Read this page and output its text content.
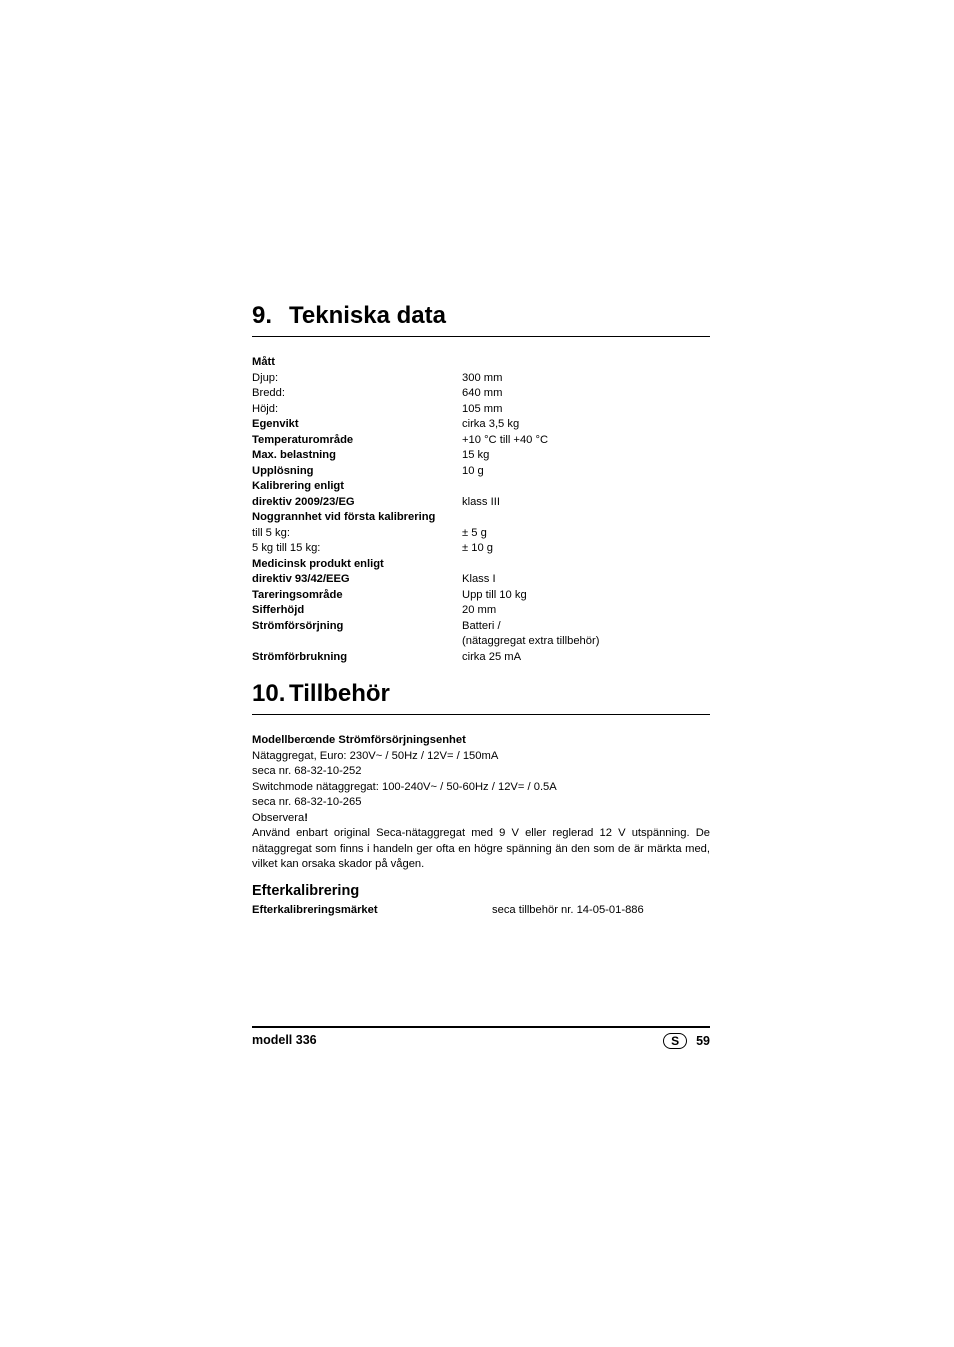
9. Tekniska data
Mått
Djup:	300 mm
Bredd:	640 mm
Höjd:	105 mm
Egenvikt	cirka 3,5 kg
Temperaturområde	+10 °C till +40 °C
Max. belastning	15 kg
Upplösning	10 g
Kalibrering enligt
direktiv 2009/23/EG	klass III
Noggrannhet vid första kalibrering
till 5 kg:	± 5 g
5 kg till 15 kg:	± 10 g
Medicinsk produkt enligt
direktiv 93/42/EEG	Klass I
Tareringsområde	Upp till 10 kg
Sifferhöjd	20 mm
Strömförsörjning	Batteri /
(nätaggregat extra tillbehör)
Strömförbrukning	cirka 25 mA
10. Tillbehör
Modellberœnde Strömförsörjningsenhet
Nätaggregat, Euro: 230V~ / 50Hz / 12V= / 150mA
seca nr. 68-32-10-252
Switchmode nätaggregat: 100-240V~ / 50-60Hz / 12V= / 0.5A
seca nr. 68-32-10-265
Observera!
Använd enbart original Seca-nätaggregat med 9 V eller reglerad 12 V utspänning. De nätaggregat som finns i handeln ger ofta en högre spänning än den som de är märkta med, vilket kan orsaka skador på vågen.
Efterkalibrering
Efterkalibreringsmärket	seca tillbehör nr. 14-05-01-886
modell 336	S	59
